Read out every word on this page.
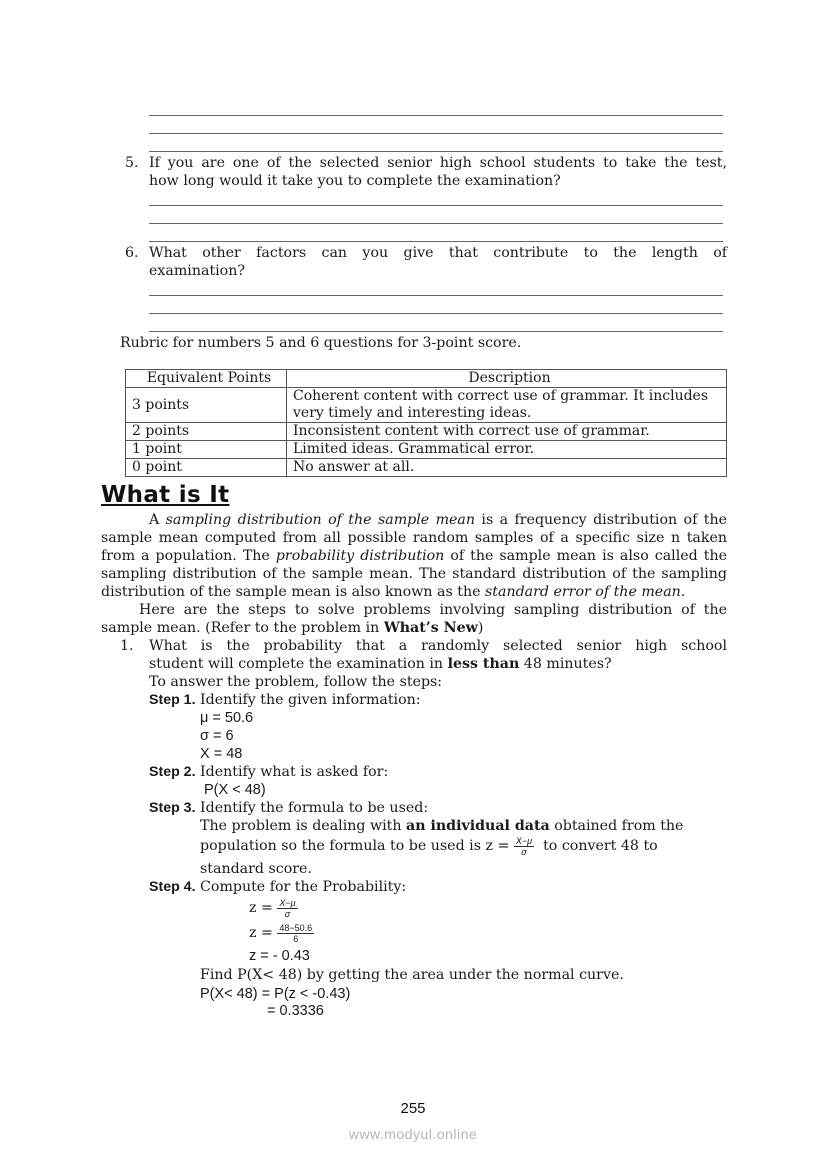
5. If you are one of the selected senior high school students to take the test,
how long would it take you to complete the examination?
6. What other factors can you give that contribute to the length of
examination?
Rubric for numbers 5 and 6 questions for 3-point score.
Equivalent Points	Description
3 points	Coherent content with correct use of grammar. It includes very timely and interesting ideas.
2 points	Inconsistent content with correct use of grammar.
1 point	Limited ideas. Grammatical error.
0 point	No answer at all.
What is It
A sampling distribution of the sample mean is a frequency distribution of the sample mean computed from all possible random samples of a specific size n taken from a population. The probability distribution of the sample mean is also called the sampling distribution of the sample mean. The standard distribution of the sampling distribution of the sample mean is also known as the standard error of the mean.
Here are the steps to solve problems involving sampling distribution of the sample mean. (Refer to the problem in What’s New)
1. What is the probability that a randomly selected senior high school
student will complete the examination in less than 48 minutes?
To answer the problem, follow the steps:
Step 1. Identify the given information:
μ = 50.6
σ = 6
X = 48
Step 2. Identify what is asked for:
P(X < 48)
Step 3. Identify the formula to be used:
The problem is dealing with an individual data obtained from the
population so the formula to be used is $z = \frac{X-\mu}{\sigma}$ to convert 48 to
standard score.
Step 4. Compute for the Probability:
$z = \frac{X-\mu}{\sigma}$
$z = \frac{48-50.6}{6}$
z = - 0.43
Find P(X< 48) by getting the area under the normal curve.
P(X< 48) = P(z < -0.43)
= 0.3336
255
www.modyul.online
